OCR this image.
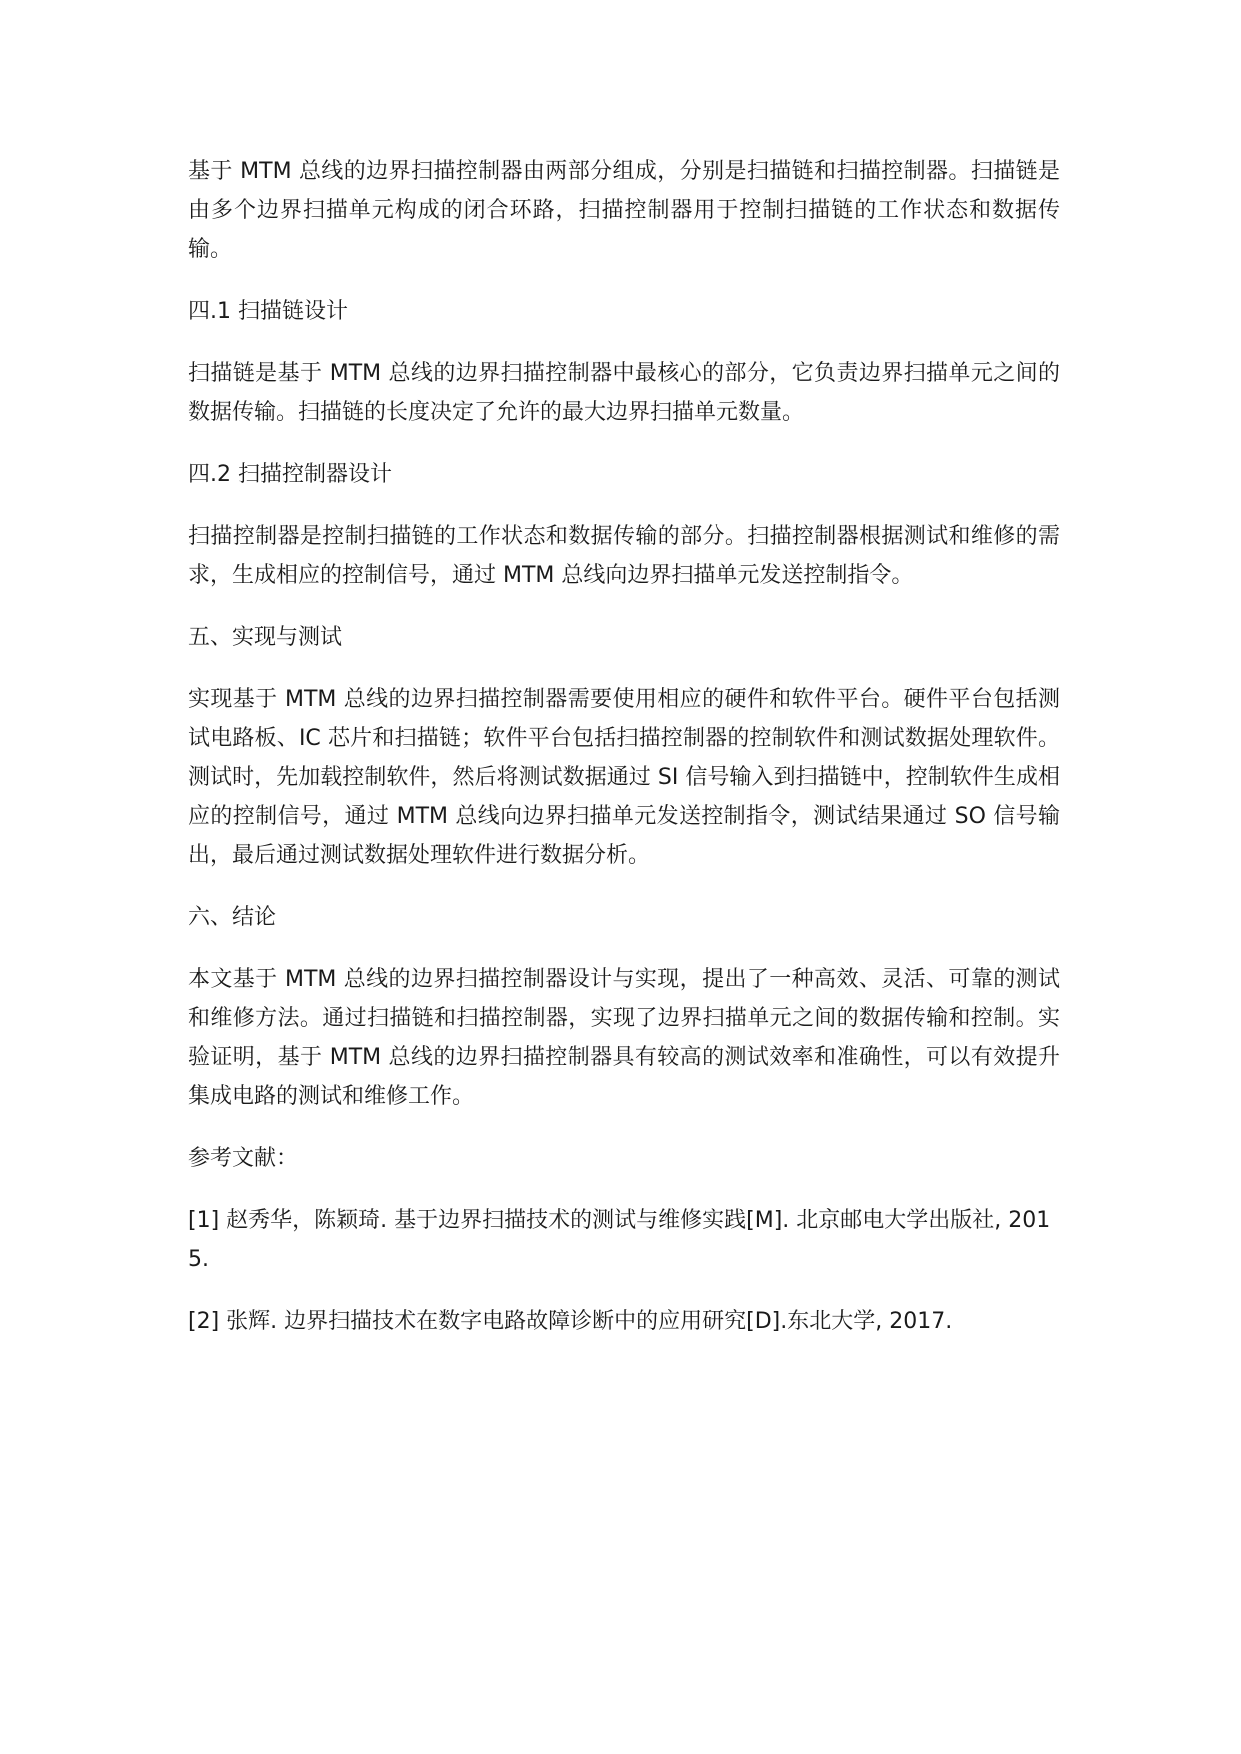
基于 MTM 总线的边界扫描控制器由两部分组成，分别是扫描链和扫描控制器。扫描链是由多个边界扫描单元构成的闭合环路，扫描控制器用于控制扫描链的工作状态和数据传输。

四.1 扫描链设计

扫描链是基于 MTM 总线的边界扫描控制器中最核心的部分，它负责边界扫描单元之间的数据传输。扫描链的长度决定了允许的最大边界扫描单元数量。

四.2 扫描控制器设计

扫描控制器是控制扫描链的工作状态和数据传输的部分。扫描控制器根据测试和维修的需求，生成相应的控制信号，通过 MTM 总线向边界扫描单元发送控制指令。

五、实现与测试

实现基于 MTM 总线的边界扫描控制器需要使用相应的硬件和软件平台。硬件平台包括测试电路板、IC 芯片和扫描链；软件平台包括扫描控制器的控制软件和测试数据处理软件。测试时，先加载控制软件，然后将测试数据通过 SI 信号输入到扫描链中，控制软件生成相应的控制信号，通过 MTM 总线向边界扫描单元发送控制指令，测试结果通过 SO 信号输出，最后通过测试数据处理软件进行数据分析。

六、结论

本文基于 MTM 总线的边界扫描控制器设计与实现，提出了一种高效、灵活、可靠的测试和维修方法。通过扫描链和扫描控制器，实现了边界扫描单元之间的数据传输和控制。实验证明，基于 MTM 总线的边界扫描控制器具有较高的测试效率和准确性，可以有效提升集成电路的测试和维修工作。

参考文献：

[1] 赵秀华，陈颖琦. 基于边界扫描技术的测试与维修实践[M]. 北京邮电大学出版社, 2015.

[2] 张辉. 边界扫描技术在数字电路故障诊断中的应用研究[D].东北大学, 2017.
